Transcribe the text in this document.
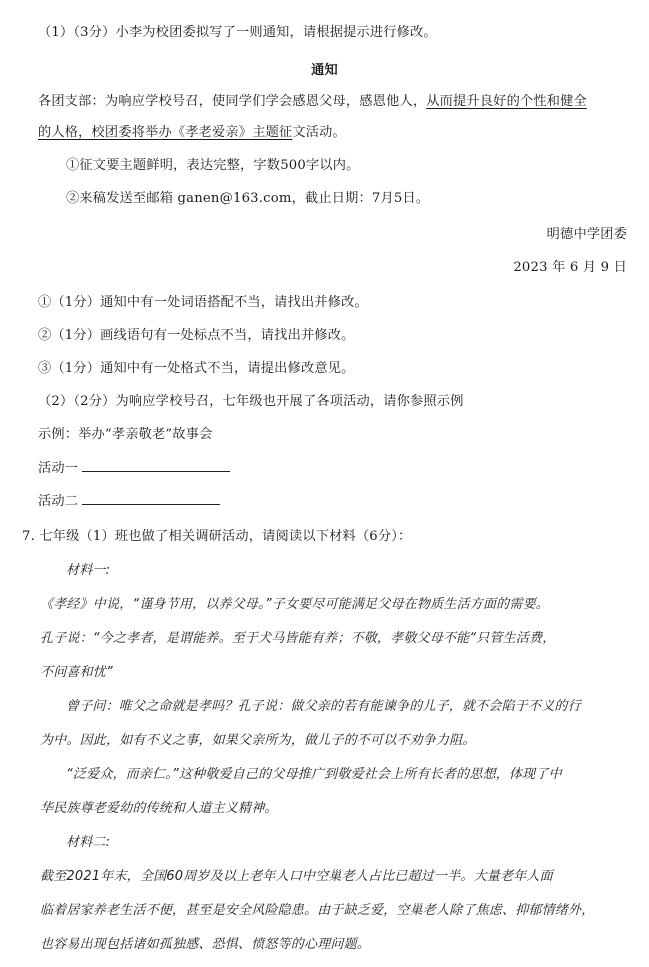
（1）（3分）小李为校团委拟写了一则通知，请根据提示进行修改。
通知
各团支部：为响应学校号召，使同学们学会感恩父母，感恩他人，从而提升良好的个性和健全
的人格，校团委将举办《孝老爱亲》主题征文活动。
①征文要主题鲜明，表达完整，字数500字以内。
②来稿发送至邮箱 ganen@163.com，截止日期：7月5日。
明德中学团委
2023 年 6 月 9 日
①（1分）通知中有一处词语搭配不当，请找出并修改。
②（1分）画线语句有一处标点不当，请找出并修改。
③（1分）通知中有一处格式不当，请提出修改意见。
（2）（2分）为响应学校号召，七年级也开展了各项活动，请你参照示例
示例：举办“孝亲敬老”故事会
活动一
活动二
7. 七年级（1）班也做了相关调研活动，请阅读以下材料（6分）：
材料一:
《孝经》中说，“谨身节用，以养父母。”子女要尽可能满足父母在物质生活方面的需要。
孔子说：“今之孝者，是谓能养。至于犬马皆能有养；不敬，孝敬父母不能“只管生活费，
不问喜和忧”
曾子问：唯父之命就是孝吗？孔子说：做父亲的若有能谏争的儿子，就不会陷于不义的行
为中。因此，如有不义之事，如果父亲所为，做儿子的不可以不劝争力阻。
“泛爱众，而亲仁。”这种敬爱自己的父母推广到敬爱社会上所有长者的思想，体现了中
华民族尊老爱幼的传统和人道主义精神。
材料二:
截至2021年末，全国60周岁及以上老年人口中空巢老人占比已超过一半。大量老年人面
临着居家养老生活不便，甚至是安全风险隐患。由于缺乏爱，空巢老人除了焦虑、抑郁情绪外，
也容易出现包括诸如孤独感、恐惧、愤怒等的心理问题。
